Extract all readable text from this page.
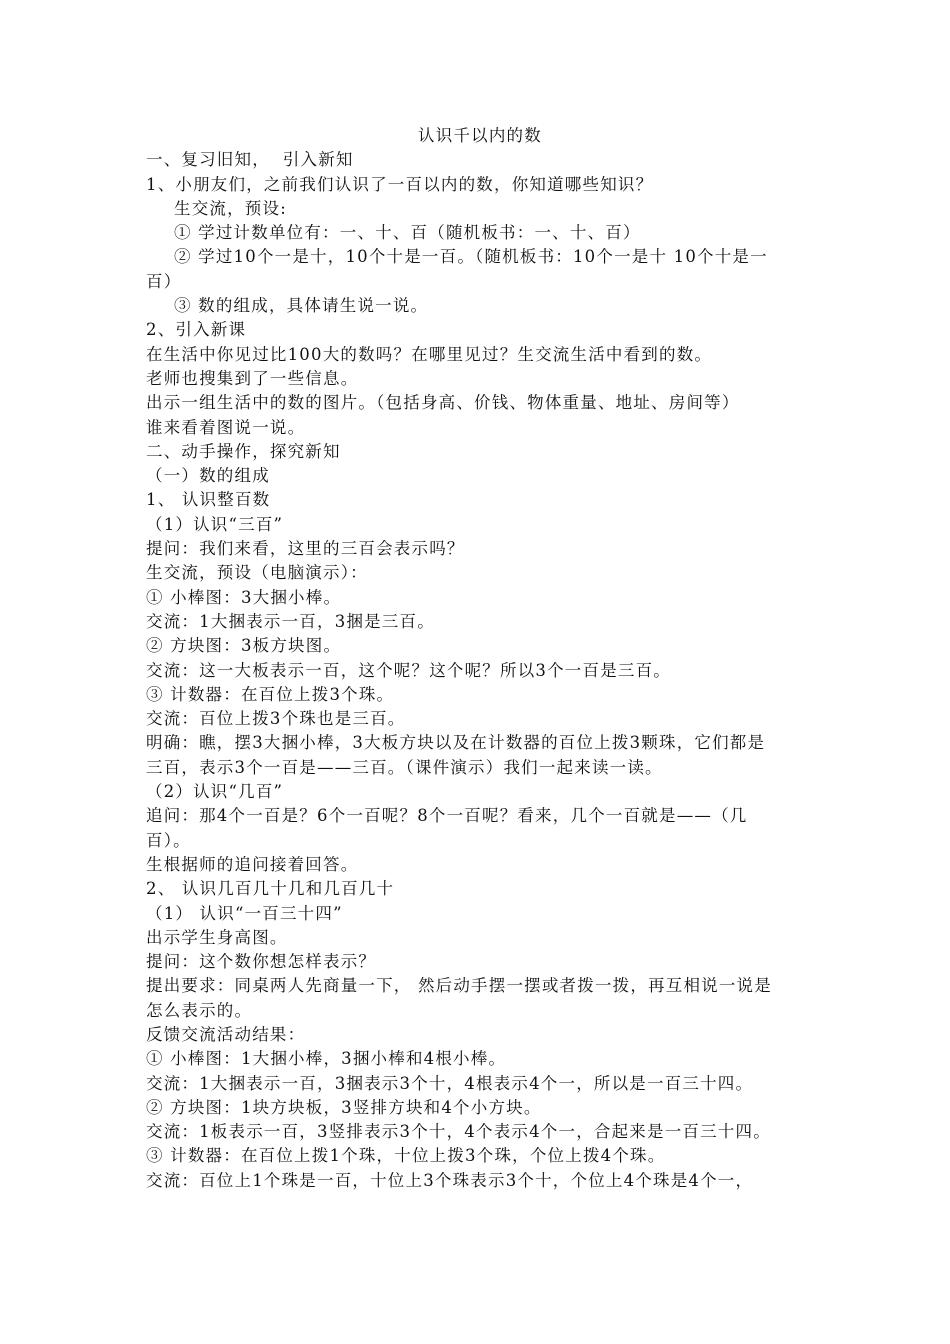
认识千以内的数

一、复习旧知，  引入新知

1、小朋友们，之前我们认识了一百以内的数，你知道哪些知识？

生交流，预设:

① 学过计数单位有：一、十、百（随机板书：一、十、百）

② 学过10个一是十，10个十是一百。（随机板书：10个一是十 10个十是一

百）

③ 数的组成，具体请生说一说。

2、引入新课

在生活中你见过比100大的数吗？在哪里见过？生交流生活中看到的数。

老师也搜集到了一些信息。

出示一组生活中的数的图片。（包括身高、价钱、物体重量、地址、房间等）

谁来看着图说一说。

二、动手操作，探究新知

（一）数的组成

1、 认识整百数

（1）认识“三百”

提问：我们来看，这里的三百会表示吗？

生交流，预设（电脑演示）：

① 小棒图：3大捆小棒。

交流：1大捆表示一百，3捆是三百。

② 方块图：3板方块图。

交流：这一大板表示一百，这个呢？这个呢？所以3个一百是三百。

③ 计数器：在百位上拨3个珠。

交流：百位上拨3个珠也是三百。

明确：瞧，摆3大捆小棒，3大板方块以及在计数器的百位上拨3颗珠，它们都是

三百，表示3个一百是——三百。（课件演示）我们一起来读一读。

（2）认识“几百”

追问：那4个一百是？6个一百呢？8个一百呢？看来，几个一百就是——（几

百）。

生根据师的追问接着回答。

2、 认识几百几十几和几百几十

（1） 认识“一百三十四”

出示学生身高图。

提问：这个数你想怎样表示？

提出要求：同桌两人先商量一下， 然后动手摆一摆或者拨一拨，再互相说一说是

怎么表示的。

反馈交流活动结果：

① 小棒图：1大捆小棒，3捆小棒和4根小棒。

交流：1大捆表示一百，3捆表示3个十，4根表示4个一，所以是一百三十四。

② 方块图：1块方块板，3竖排方块和4个小方块。

交流：1板表示一百，3竖排表示3个十，4个表示4个一，合起来是一百三十四。

③ 计数器：在百位上拨1个珠，十位上拨3个珠，个位上拨4个珠。

交流：百位上1个珠是一百，十位上3个珠表示3个十，个位上4个珠是4个一，
